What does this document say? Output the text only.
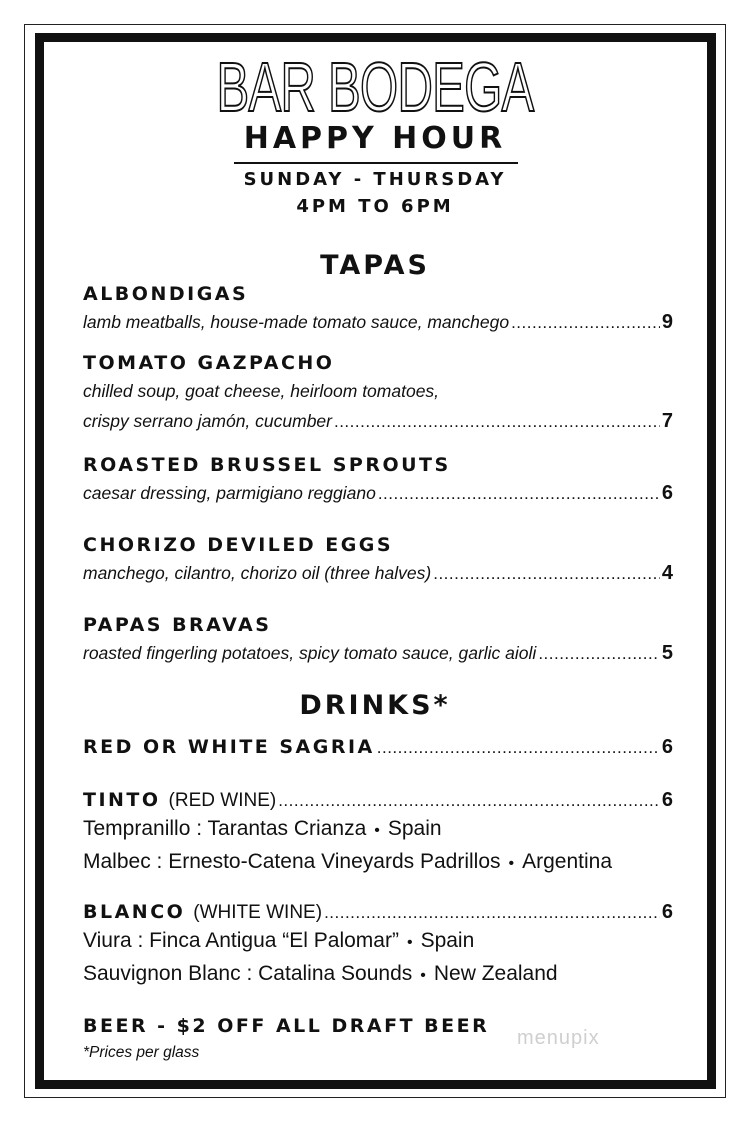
BAR BODEGA
HAPPY HOUR
SUNDAY - THURSDAY
4PM TO 6PM
TAPAS
ALBONDIGAS
lamb meatballs, house-made tomato sauce, manchego .....	9
TOMATO GAZPACHO
chilled soup, goat cheese, heirloom tomatoes,
crispy serrano jamón, cucumber .....	7
ROASTED BRUSSEL SPROUTS
caesar dressing, parmigiano reggiano .....	6
CHORIZO DEVILED EGGS
manchego, cilantro, chorizo oil (three halves) .....	4
PAPAS BRAVAS
roasted fingerling potatoes, spicy tomato sauce, garlic aioli .....	5
DRINKS*
RED OR WHITE SAGRIA .....	6
TINTO (RED WINE) .....	6
Tempranillo : Tarantas Crianza • Spain
Malbec : Ernesto-Catena Vineyards Padrillos • Argentina
BLANCO (WHITE WINE) .....	6
Viura : Finca Antigua “El Palomar” • Spain
Sauvignon Blanc : Catalina Sounds • New Zealand
BEER - $2 OFF ALL DRAFT BEER
*Prices per glass
menupix
